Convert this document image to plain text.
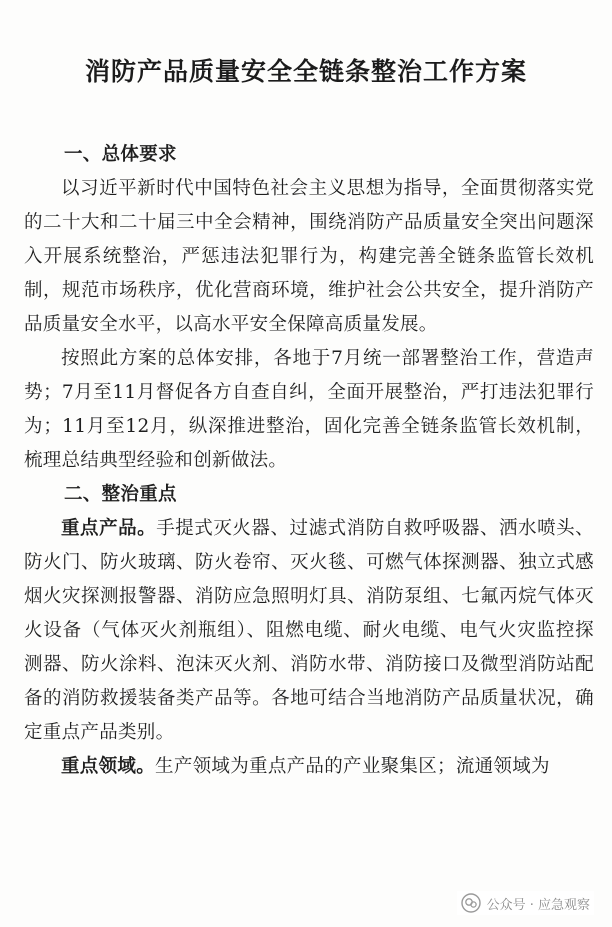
消防产品质量安全全链条整治工作方案

一、总体要求

以习近平新时代中国特色社会主义思想为指导，全面贯彻落实党的二十大和二十届三中全会精神，围绕消防产品质量安全突出问题深入开展系统整治，严惩违法犯罪行为，构建完善全链条监管长效机制，规范市场秩序，优化营商环境，维护社会公共安全，提升消防产品质量安全水平，以高水平安全保障高质量发展。

按照此方案的总体安排，各地于7月统一部署整治工作，营造声势；7月至11月督促各方自查自纠，全面开展整治，严打违法犯罪行为；11月至12月，纵深推进整治，固化完善全链条监管长效机制，梳理总结典型经验和创新做法。

二、整治重点

重点产品。手提式灭火器、过滤式消防自救呼吸器、洒水喷头、防火门、防火玻璃、防火卷帘、灭火毯、可燃气体探测器、独立式感烟火灾探测报警器、消防应急照明灯具、消防泵组、七氟丙烷气体灭火设备（气体灭火剂瓶组）、阻燃电缆、耐火电缆、电气火灾监控探测器、防火涂料、泡沫灭火剂、消防水带、消防接口及微型消防站配备的消防救援装备类产品等。各地可结合当地消防产品质量状况，确定重点产品类别。

重点领域。生产领域为重点产品的产业聚集区；流通领域为

公众号 · 应急观察
